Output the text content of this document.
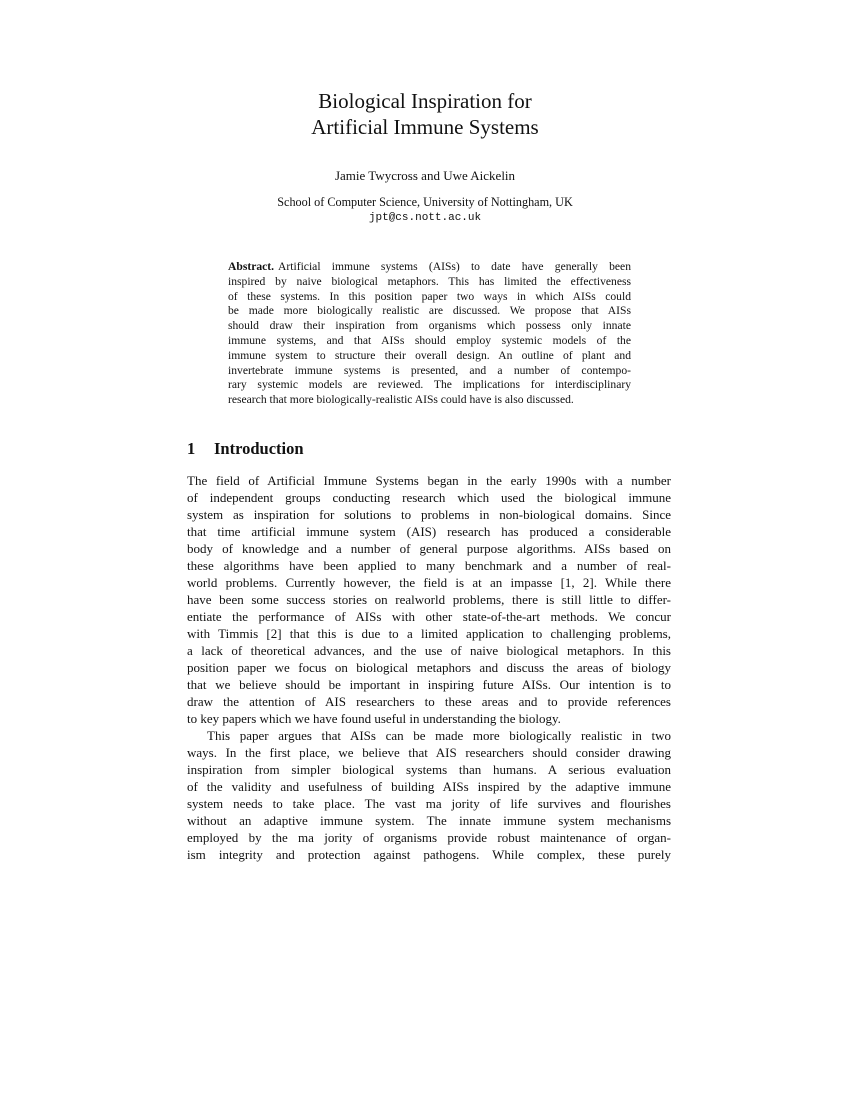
Biological Inspiration for
Artificial Immune Systems

Jamie Twycross and Uwe Aickelin

School of Computer Science, University of Nottingham, UK

jpt@cs.nott.ac.uk

Abstract. Artificial immune systems (AISs) to date have generally been
inspired by naive biological metaphors. This has limited the effectiveness
of these systems. In this position paper two ways in which AISs could
be made more biologically realistic are discussed. We propose that AISs
should draw their inspiration from organisms which possess only innate
immune systems, and that AISs should employ systemic models of the
immune system to structure their overall design. An outline of plant and
invertebrate immune systems is presented, and a number of contempo-
rary systemic models are reviewed. The implications for interdisciplinary
research that more biologically-realistic AISs could have is also discussed.
1 Introduction
The field of Artificial Immune Systems began in the early 1990s with a number
of independent groups conducting research which used the biological immune
system as inspiration for solutions to problems in non-biological domains. Since
that time artificial immune system (AIS) research has produced a considerable
body of knowledge and a number of general purpose algorithms. AISs based on
these algorithms have been applied to many benchmark and a number of real-
world problems. Currently however, the field is at an impasse [1, 2]. While there
have been some success stories on realworld problems, there is still little to differ-
entiate the performance of AISs with other state-of-the-art methods. We concur
with Timmis [2] that this is due to a limited application to challenging problems,
a lack of theoretical advances, and the use of naive biological metaphors. In this
position paper we focus on biological metaphors and discuss the areas of biology
that we believe should be important in inspiring future AISs. Our intention is to
draw the attention of AIS researchers to these areas and to provide references
to key papers which we have found useful in understanding the biology.
This paper argues that AISs can be made more biologically realistic in two
ways. In the first place, we believe that AIS researchers should consider drawing
inspiration from simpler biological systems than humans. A serious evaluation
of the validity and usefulness of building AISs inspired by the adaptive immune
system needs to take place. The vast ma jority of life survives and flourishes
without an adaptive immune system. The innate immune system mechanisms
employed by the ma jority of organisms provide robust maintenance of organ-
ism integrity and protection against pathogens. While complex, these purely
